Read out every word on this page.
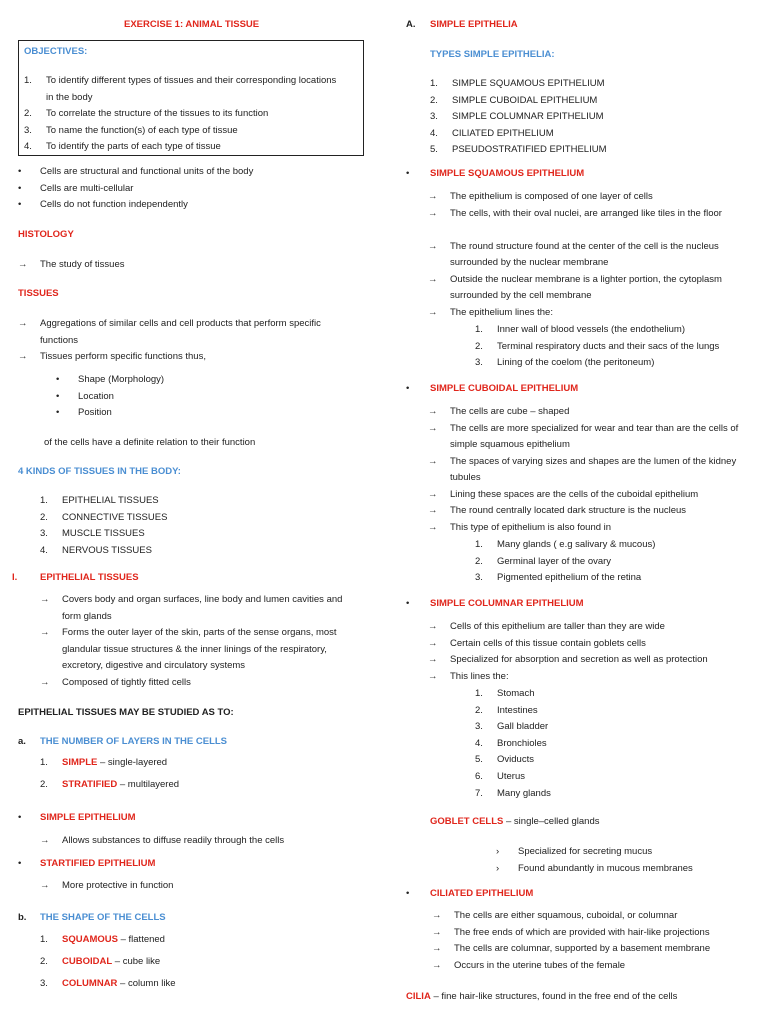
EXERCISE 1: ANIMAL TISSUE
OBJECTIVES:
1. To identify different types of tissues and their corresponding locations in the body
2. To correlate the structure of the tissues to its function
3. To name the function(s) of each type of tissue
4. To identify the parts of each type of tissue
•	Cells are structural and functional units of the body
•	Cells are multi-cellular
•	Cells do not function independently
HISTOLOGY
→	The study of tissues
TISSUES
→	Aggregations of similar cells and cell products that perform specific functions
→	Tissues perform specific functions thus,
•	Shape (Morphology)
•	Location
•	Position
of the cells have a definite relation to their function
4 KINDS OF TISSUES IN THE BODY:
1. EPITHELIAL TISSUES
2. CONNECTIVE TISSUES
3. MUSCLE TISSUES
4. NERVOUS TISSUES
I. EPITHELIAL TISSUES
→	Covers body and organ surfaces, line body and lumen cavities and form glands
→	Forms the outer layer of the skin, parts of the sense organs, most glandular tissue structures & the inner linings of the respiratory, excretory, digestive and circulatory systems
→	Composed of tightly fitted cells
EPITHELIAL TISSUES MAY BE STUDIED AS TO:
a. THE NUMBER OF LAYERS IN THE CELLS
1. SIMPLE – single-layered
2. STRATIFIED – multilayered
•	SIMPLE EPITHELIUM
→	Allows substances to diffuse readily through the cells
•	STARTIFIED EPITHELIUM
→	More protective in function
b. THE SHAPE OF THE CELLS
1. SQUAMOUS – flattened
2. CUBOIDAL – cube like
3. COLUMNAR – column like
A. SIMPLE EPITHELIA
TYPES SIMPLE EPITHELIA:
1. SIMPLE SQUAMOUS EPITHELIUM
2. SIMPLE CUBOIDAL EPITHELIUM
3. SIMPLE COLUMNAR EPITHELIUM
4. CILIATED EPITHELIUM
5. PSEUDOSTRATIFIED EPITHELIUM
•	SIMPLE SQUAMOUS EPITHELIUM
→	The epithelium is composed of one layer of cells
→	The cells, with their oval nuclei, are arranged like tiles in the floor
→	The round structure found at the center of the cell is the nucleus surrounded by the nuclear membrane
→	Outside the nuclear membrane is a lighter portion, the cytoplasm surrounded by the cell membrane
→	The epithelium lines the:
1. Inner wall of blood vessels (the endothelium)
2. Terminal respiratory ducts and their sacs of the lungs
3. Lining of the coelom (the peritoneum)
•	SIMPLE CUBOIDAL EPITHELIUM
→	The cells are cube – shaped
→	The cells are more specialized for wear and tear than are the cells of simple squamous epithelium
→	The spaces of varying sizes and shapes are the lumen of the kidney tubules
→	Lining these spaces are the cells of the cuboidal epithelium
→	The round centrally located dark structure is the nucleus
→	This type of epithelium is also found in
1. Many glands ( e.g salivary & mucous)
2. Germinal layer of the ovary
3. Pigmented epithelium of the retina
•	SIMPLE COLUMNAR EPITHELIUM
→	Cells of this epithelium are taller than they are wide
→	Certain cells of this tissue contain goblets cells
→	Specialized for absorption and secretion as well as protection
→	This lines the:
1. Stomach
2. Intestines
3. Gall bladder
4. Bronchioles
5. Oviducts
6. Uterus
7. Many glands
GOBLET CELLS – single–celled glands
›	Specialized for secreting mucus
›	Found abundantly in mucous membranes
•	CILIATED EPITHELIUM
→	The cells are either squamous, cuboidal, or columnar
→	The free ends of which are provided with hair-like projections
→	The cells are columnar, supported by a basement membrane
→	Occurs in the uterine tubes of the female
CILIA – fine hair-like structures, found in the free end of the cells
